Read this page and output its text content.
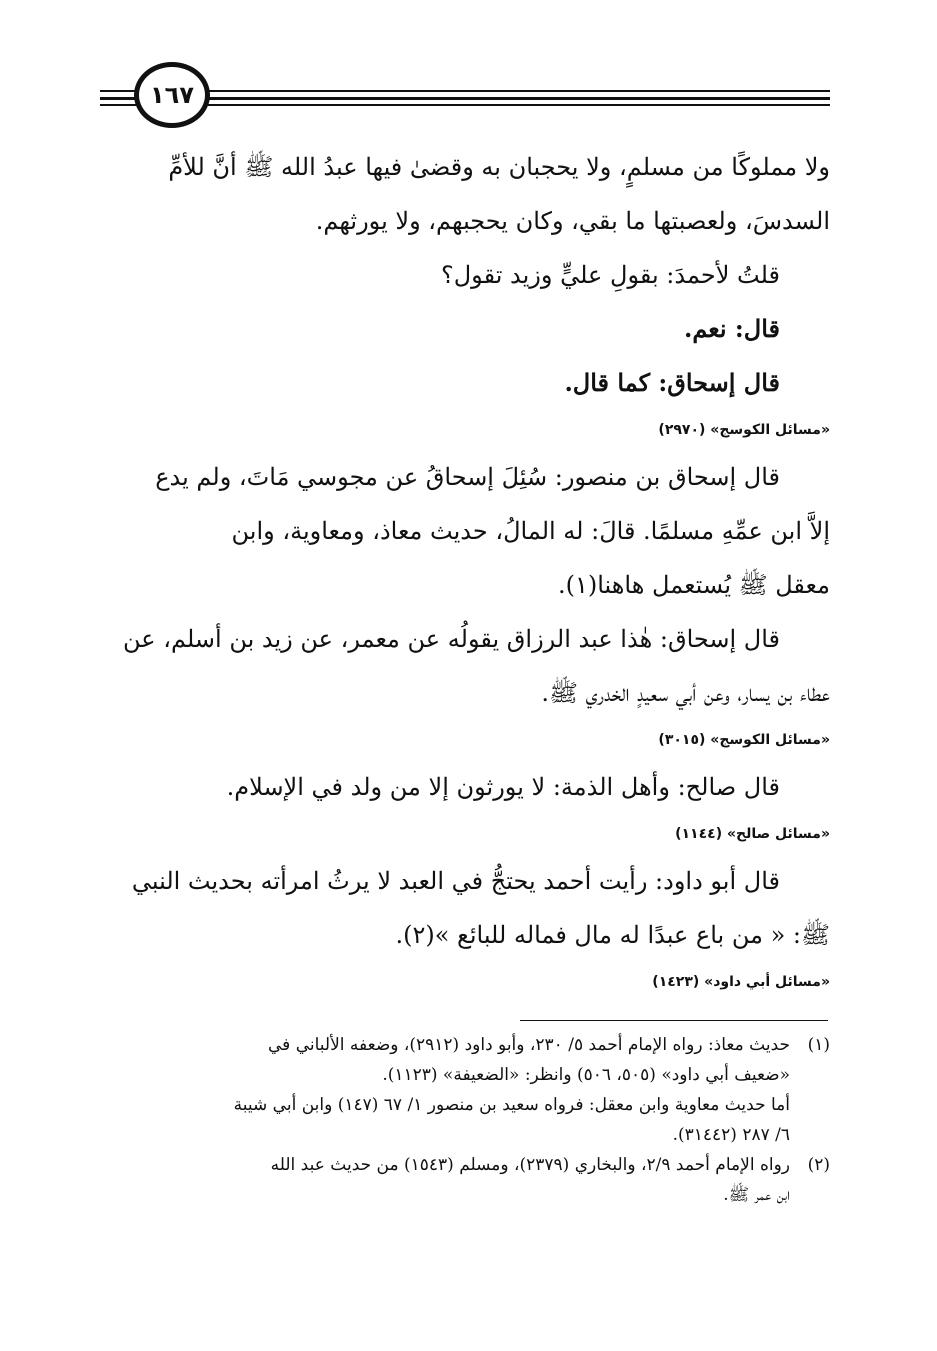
١٦٧
ولا مملوكًا من مسلمٍ، ولا يحجبان به وقضىٰ فيها عبدُ الله ﷺ أنَّ للأمِّ
السدسَ، ولعصبتها ما بقي، وكان يحجبهم، ولا يورثهم.
قلتُ لأحمدَ: بقولِ عليٍّ وزيد تقول؟
قال: نعم.
قال إسحاق: كما قال.
«مسائل الكوسج» (٢٩٧٠)
قال إسحاق بن منصور: سُئِلَ إسحاقُ عن مجوسي مَاتَ، ولم يدع
إلاَّ ابن عمِّهِ مسلمًا. قالَ: له المالُ، حديث معاذ، ومعاوية، وابن
معقل ﷺ يُستعمل هاهنا(١).
قال إسحاق: هٰذا عبد الرزاق يقولُه عن معمر، عن زيد بن أسلم، عن
عطاء بن يسار، وعن أبي سعيدٍ الخدري ﷺ.
«مسائل الكوسج» (٣٠١٥)
قال صالح: وأهل الذمة: لا يورثون إلا من ولد في الإسلام.
«مسائل صالح» (١١٤٤)
قال أبو داود: رأيت أحمد يحتجُّ في العبد لا يرثُ امرأته بحديث النبي
ﷺ: « من باع عبدًا له مال فماله للبائع »(٢).
«مسائل أبي داود» (١٤٢٣)
(١)حديث معاذ: رواه الإمام أحمد ٥/ ٢٣٠، وأبو داود (٢٩١٢)، وضعفه الألباني في
«ضعيف أبي داود» (٥٠٥، ٥٠٦) وانظر: «الضعيفة» (١١٢٣).
أما حديث معاوية وابن معقل: فرواه سعيد بن منصور ١/ ٦٧ (١٤٧) وابن أبي شيبة
٦/ ٢٨٧ (٣١٤٤٢).
(٢)رواه الإمام أحمد ٢/٩، والبخاري (٢٣٧٩)، ومسلم (١٥٤٣) من حديث عبد الله
ابن عمر ﷺ.
